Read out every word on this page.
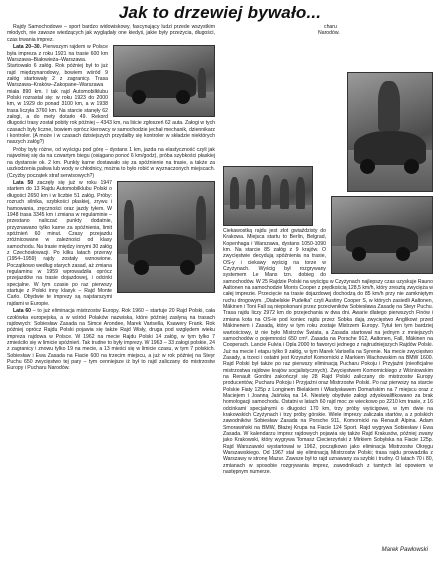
Jak to drzewiej bywało...

Rajdy Samochodowe – sport bardzo widowiskowy, fascynujący ludzi przede wszystkim młodych, nie zawsze wiedzących jak wyglądały one kiedyś, jakie były przeżycia, długości, czas trwania imprez.

Lata 20–30. Pierwszym rajdem w Polsce była impreza z roku 1921 na trasie 600 km Warszawa–Białowieża–Warszawa. Startowało 6 załóg. Rok później był to już rajd międzynarodowy, bowiem wśród 9 załóg startowały 2 z zagranicy. Trasa Warszawa–Kraków–Zakopane–Warszawa miała 890 km. I tak rajd Automobilklubu Polski rozrastał się: w roku 1923 do 2000 km, w 1929 do ponad 3100 km, a w 1938 trasa liczyła 3760 km. Na starcie stanęły 62 załogi, a do mety dotarło 49. Rekord długości trasy został pobity rok później – 4343 km, na liście zgłoszeń 62 auta. Załogi w tych czasach były liczne, bowiem oprócz kierowcy w samochodzie jechał mechanik, dziennikarz i kontroler. (A może i w czasach dzisiejszych przydałby się kontroler w składzie niektórych naszych załóg?)

Próby były różne, od wyścigu pod górę – dystans 1 km, jazda na elastyczność czyli jak najwolniej się da na czwartym biegu (osiągano ponoć 6 km/godz), próba szybkości płaskiej na dystansie ok. 2 km. Punkty karne dostawało się za spóźnienie na trasie, a także za uszkodzenia paliwa lub wody w chłodnicy, można to było robić w wyznaczonych miejscach. (Czyżby początek straf serwisowych?)

Lata 50 zaczęły się już w roku 1947 startem do 13 Rajdu Automobilklubu Polski o długości 2650 km i w liczbie 51 załóg. Próby: rozruch silnika, szybkości płaskiej, zrywu i hamowania, zręczności oraz jazdy tyłem. W 1948 trasa 3345 km i zmiana w regulaminie – przestano naliczać punkty dodatnie, przyznawano tylko karne za spóźnienia, limit spóźnień 60 minut. Czasy przejazdu zróżnicowane w zależności od klasy samochodu. Na trasie między innymi 30 załóg z Czechosłowacji. Po kilku latach przerwy (1954–1959) rajdy zostały wznowione. Początkowo według starych zasad, aż zmiana regulaminu w 1959 wprowadziła oprócz przejazdów na trasie dojazdowej, i odcinki specjalne. W tym czasie po raz pierwszy startuje z Polski inny klasyk – Rajd Monte Carlo. Obydwie te imprezy są najstarszymi rajdami w Europie.

Lata 60 – to już eliminacja mistrzostw Europy. Rok 1960 – startuje 20 Rajd Polski, cała czołówka europejska, a w wśród Polaków nazwiska, które później zasłyną na trasach rajdowych: Sobiesław Zasada na Simce Arondee, Marek Varisella, Ksawery Frank. Rok później oprócz Rajdu Polski pojawia się także Rajd Wisły, druga pod względem wieku impreza rajdowa w Polsce. W 1962 na mecie Rajdu Polski 14 załóg, w tym tylko 7 zmieściło się w limicie spóźnień. Tak trudne to były imprezy. W 1963 – 33 załogi polskie, 24 z zagranicy i znowu tylko 19 na mecie, a 13 mieści się w limicie czasu, w tym 7 polskich. Sobiesław i Ewa Zasada na Fiacie 600 na trzecim miejscu, a już w rok później na Steyr Puchu 650 zwycięstwo tej pary – tym cenniejsze iż był to rajd zaliczany do mistrzostw Europy i Pucharu Narodów.

charu Narodów. Ciekawostką rajdu jest złot gwiaździsty do Krakowa. Miejsca startu to Berlin, Belgrad, Kopenhaga i Warszawa, dystans 1050-1090 km. Na starcie 85 załóg z 9 krajów. O zwycięstwie decydują spóźnienia na trasie, OS-y i ciekawy wyścig na torze w Czyżynach. Wyścig był rozgrywany systemem Le Mans tzn. dobieg do samochodów. W 25 Rajdzie Polski na wyścigu w Czyżynach najlepszy czas uzyskuje Rauno Aaltonen na samochodzie Morris Cooper z prędkością 128,5 km/h, który zresztą zwycięża w całej imprezie. Przecięcie na trasie dojazdowej dochodzą do 85 km/h przy nie zamkniętym ruchu drogowym. „Diabelskie Pudełka” czyli Austiny Cooper S, w których zasiedli Aaltonen, Mäkinen i Toni Fall są niepokonani przez przeciwników Sobiesława Zasadę na Steyr Puchu. Trasa rajdu liczy 2972 km do przejechania w dwa dni. Awarie dlatego pierwszych Finów i zmiana kota na OS-ie pod koniec rajdu przez Sobka dają zwycięstwo Anglikowi przed Mäkinenem i Zasadą, który w tym roku zostaje Mistrzem Europy. Tytuł ten tym bardziej wartościowy, iż nie było Mistrzów Świata, a Zasada startował na jednym z mniejszych samochodów o pojemności 650 cm³. Zasada na Porsche 912, Aaltonen, Fall, Mäkinen na Cooperach. Lancie Fulvia i Opla 2000 to faworyci jednego z najtrudniejszych Rajdów Polski. Już na mecie I etapu tylko 9 załóg, w tym Marek Varisella na Syrenie. Na mecie zwycięstwo Zasady, a trzeci i ostatni jest Krzysztof Komornicki z Markiem Wachowskim na BMW 1600. Rajd Polski był także po raz pierwszy eliminacją Pucharu Pokoju i Przyjaźni (nieoficjalne mistrzostwa rajdowe krajów socjalistycznych). Zwycięstwem Komornickiego z Wiśniowskim na Renault Gordini zakończył się 28 Rajd Polski zaliczany do mistrzostw Europy producentów, Pucharu Pokoju i Przyjaźni oraz Mistrzostw Polski. Po raz pierwszy na starcie Polskie Fiaty 125p z Longinem Bielakiem i Władysławem Domańskim na 7 miejscu oraz z Maciejem i Joanną Jaśńską na 14. Niestety obydwie załogi zdyskwalifikowano za brak homologacji samochodu. Ostatni w latach 60 rajd moc ze wieckowo po 2210 km trasie, z 16 odcinkami specjalnymi o długości 170 km, trzy próby wyścigowe, w tym dwie na krakowskich Czyżynach i trzy próby górskie. Wiele imprezy zaliczała startów, a z polskich zawodników Sobiesław Zasada na Porsche 911, Komornicki na Renault Alpina. Adam Smorawiński na BMW, Błażej Krupa na Fiacie 124 Sport. Rajd wygrywa Sobiesław i Ewa Zasada. W kalendarzu imprez rajdowych pojawia się także Rajd Krakusów, później zwany jako Krakowski, który wygrywa Tomasz Ciecierzyński z Mirkiem Sobyłska na Fiacie 125p. Rajd Warszawski wystartował w 1962, początkowo jako eliminacja Mistrzostw Okręgu Warszawskiego. Od 1967 stał się eliminacją Mistrzostw Polski; trasa rajdu prowadziła z Warszawy w stronę Mazur. Zawsze był to rajd uznawany za szybki i trudny. O latach 70 i 80, zmianach w sposobie rozgrywania imprez, zawodnikach z tamtych lat opowiem w następnym numerze.

Marek Pawłowski
